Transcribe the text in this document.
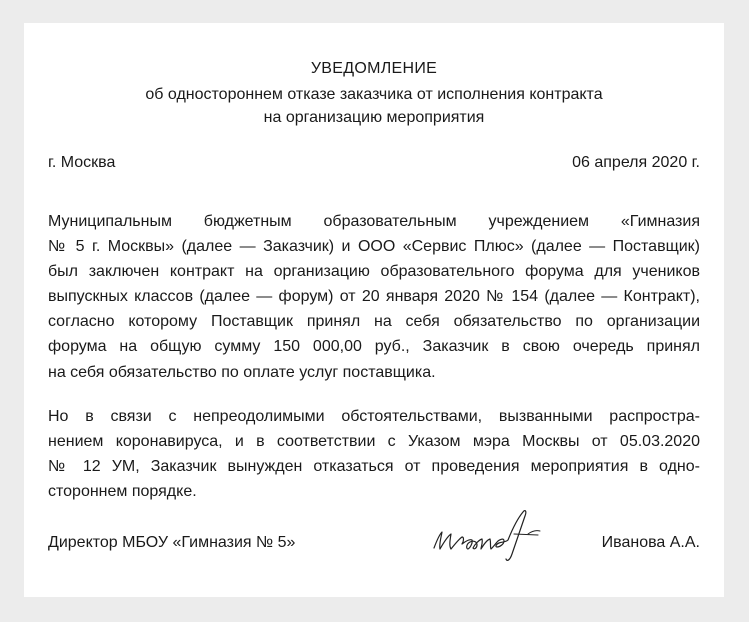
УВЕДОМЛЕНИЕ
об одностороннем отказе заказчика от исполнения контракта
на организацию мероприятия
г. Москва	06 апреля 2020 г.
Муниципальным бюджетным образовательным учреждением «Гимназия
№ 5 г. Москвы» (далее — Заказчик) и ООО «Сервис Плюс» (далее — Поставщик)
был заключен контракт на организацию образовательного форума для учеников
выпускных классов (далее — форум) от 20 января 2020 № 154 (далее — Контракт),
согласно которому Поставщик принял на себя обязательство по организации
форума на общую сумму 150 000,00 руб., Заказчик в свою очередь принял
на себя обязательство по оплате услуг поставщика.
Но в связи с непреодолимыми обстоятельствами, вызванными распростра-
нением коронавируса, и в соответствии с Указом мэра Москвы от 05.03.2020
№ 12 УМ, Заказчик вынужден отказаться от проведения мероприятия в одно-
стороннем порядке.
Директор МБОУ «Гимназия № 5»	Иванова А.А.
